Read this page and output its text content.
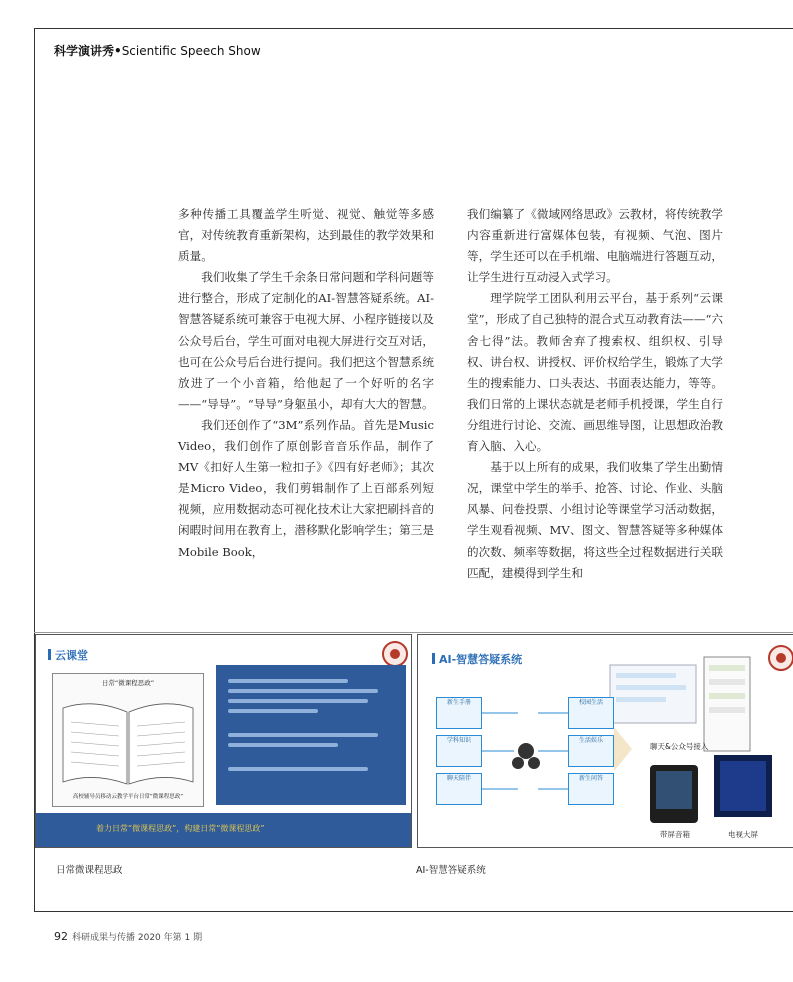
科学演讲秀•Scientific Speech Show

多种传播工具覆盖学生听觉、视觉、触觉等多感官，对传统教育重新架构，达到最佳的教学效果和质量。

我们收集了学生千余条日常问题和学科问题等进行整合，形成了定制化的AI-智慧答疑系统。AI-智慧答疑系统可兼容于电视大屏、小程序链接以及公众号后台，学生可面对电视大屏进行交互对话，也可在公众号后台进行提问。我们把这个智慧系统放进了一个小音箱，给他起了一个好听的名字——“导导”。“导导”身躯虽小，却有大大的智慧。

我们还创作了“3M”系列作品。首先是Music Video，我们创作了原创影音音乐作品，制作了MV《扣好人生第一粒扣子》《四有好老师》；其次是Micro Video，我们剪辑制作了上百部系列短视频，应用数据动态可视化技术让大家把刷抖音的闲暇时间用在教育上，潜移默化影响学生；第三是Mobile Book，

我们编纂了《微域网络思政》云教材，将传统教学内容重新进行富媒体包装，有视频、气泡、图片等，学生还可以在手机端、电脑端进行答题互动，让学生进行互动浸入式学习。

理学院学工团队利用云平台，基于系列“云课堂”，形成了自己独特的混合式互动教育法——“六舍七得”法。教师舍弃了搜索权、组织权、引导权、讲台权、讲授权、评价权给学生，锻炼了大学生的搜索能力、口头表达、书面表达能力，等等。我们日常的上课状态就是老师手机授课，学生自行分组进行讨论、交流、画思维导图，让思想政治教育入脑、入心。

基于以上所有的成果，我们收集了学生出勤情况，课堂中学生的举手、抢答、讨论、作业、头脑风暴、问卷投票、小组讨论等课堂学习活动数据，学生观看视频、MV、图文、智慧答疑等多种媒体的次数、频率等数据，将这些全过程数据进行关联匹配，建模得到学生和

云课堂
日常“微课程思政”
高校辅导员移动云教学平台日常“微课程思政”
着力日常“微课程思政”，构建日常“微课程思政”
AI-智慧答疑系统
新生手册	校园生活
学科知识	生活娱乐
聊天陪伴	新生问答
聊天&公众号接入
带屏音箱	电视大屏
日常微课程思政	AI-智慧答疑系统
92 科研成果与传播 2020 年第 1 期
